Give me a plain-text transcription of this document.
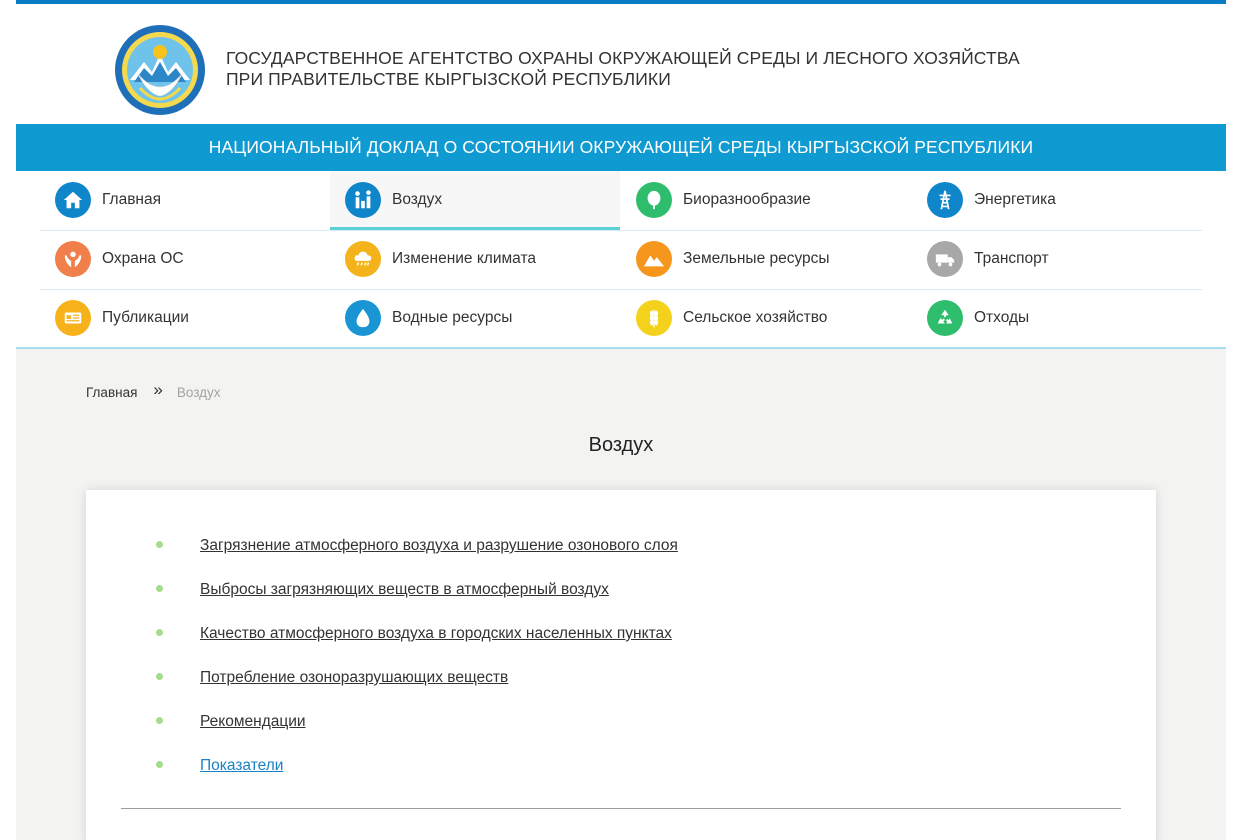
ГОСУДАРСТВЕННОЕ АГЕНТСТВО ОХРАНЫ ОКРУЖАЮЩЕЙ СРЕДЫ И ЛЕСНОГО ХОЗЯЙСТВА
ПРИ ПРАВИТЕЛЬСТВЕ КЫРГЫЗСКОЙ РЕСПУБЛИКИ
НАЦИОНАЛЬНЫЙ ДОКЛАД О СОСТОЯНИИ ОКРУЖАЮЩЕЙ СРЕДЫ КЫРГЫЗСКОЙ РЕСПУБЛИКИ
Главная	Воздух	Биоразнообразие	Энергетика
Охрана ОС	Изменение климата	Земельные ресурсы	Транспорт
Публикации	Водные ресурсы	Сельское хозяйство	Отходы
Главная » Воздух
Воздух
Загрязнение атмосферного воздуха и разрушение озонового слоя
Выбросы загрязняющих веществ в атмосферный воздух
Качество атмосферного воздуха в городских населенных пунктах
Потребление озоноразрушающих веществ
Рекомендации
Показатели
